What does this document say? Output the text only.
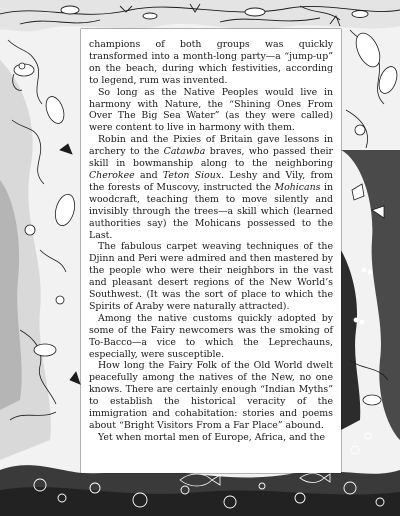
champions of both groups was quickly transformed into a month-long party—a “jump-up” on the beach, during which festivities, according to legend, rum was invented.

So long as the Native Peoples would live in harmony with Nature, the “Shining Ones From Over The Big Sea Water” (as they were called) were content to live in harmony with them.

Robin and the Pixies of Britain gave lessons in archery to the Catawba braves, who passed their skill in bowmanship along to the neighboring Cherokee and Teton Sioux. Leshy and Vily, from the forests of Muscovy, instructed the Mohicans in woodcraft, teaching them to move silently and invisibly through the trees—a skill which (learned authorities say) the Mohicans possessed to the Last.

The fabulous carpet weaving techniques of the Djinn and Peri were admired and then mastered by the people who were their neighbors in the vast and pleasant desert regions of the New World’s Southwest. (It was the sort of place to which the Spirits of Araby were naturally attracted).

Among the native customs quickly adopted by some of the Fairy newcomers was the smoking of To-Bacco—a vice to which the Leprechauns, especially, were susceptible.

How long the Fairy Folk of the Old World dwelt peacefully among the natives of the New, no one knows. There are certainly enough “Indian Myths” to establish the historical veracity of the immigration and cohabitation: stories and poems about “Bright Visitors From a Far Place” abound.

Yet when mortal men of Europe, Africa, and the
